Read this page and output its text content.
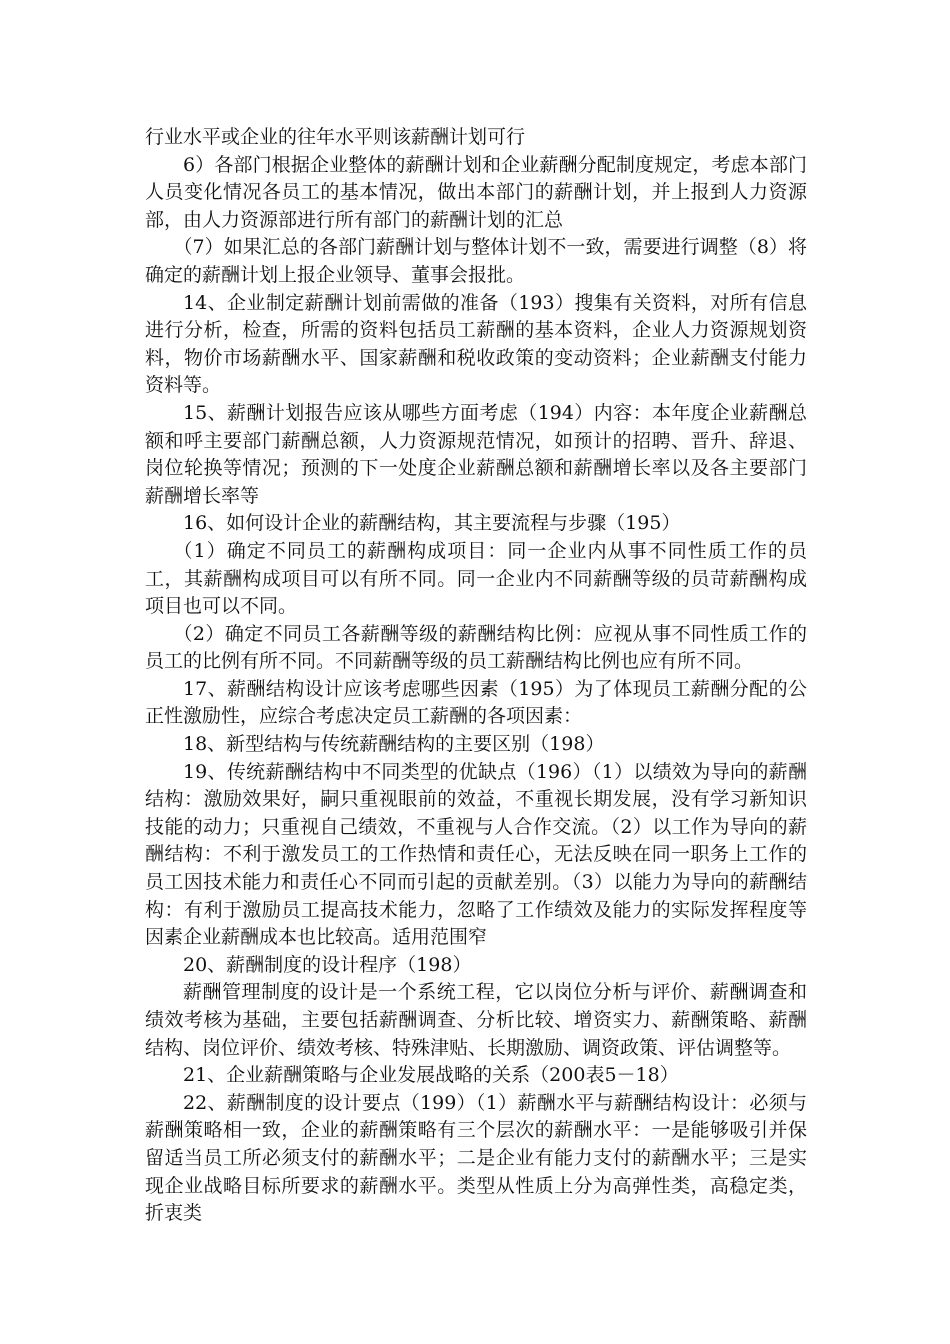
行业水平或企业的往年水平则该薪酬计划可行

6）各部门根据企业整体的薪酬计划和企业薪酬分配制度规定，考虑本部门人员变化情况各员工的基本情况，做出本部门的薪酬计划，并上报到人力资源部，由人力资源部进行所有部门的薪酬计划的汇总

（7）如果汇总的各部门薪酬计划与整体计划不一致，需要进行调整（8）将确定的薪酬计划上报企业领导、董事会报批。

14、企业制定薪酬计划前需做的准备（193）搜集有关资料，对所有信息进行分析，检查，所需的资料包括员工薪酬的基本资料，企业人力资源规划资料，物价市场薪酬水平、国家薪酬和税收政策的变动资料；企业薪酬支付能力资料等。

15、薪酬计划报告应该从哪些方面考虑（194）内容：本年度企业薪酬总额和呼主要部门薪酬总额，人力资源规范情况，如预计的招聘、晋升、辞退、岗位轮换等情况；预测的下一处度企业薪酬总额和薪酬增长率以及各主要部门薪酬增长率等

16、如何设计企业的薪酬结构，其主要流程与步骤（195）

（1）确定不同员工的薪酬构成项目：同一企业内从事不同性质工作的员工，其薪酬构成项目可以有所不同。同一企业内不同薪酬等级的员苛薪酬构成项目也可以不同。

（2）确定不同员工各薪酬等级的薪酬结构比例：应视从事不同性质工作的员工的比例有所不同。不同薪酬等级的员工薪酬结构比例也应有所不同。

17、薪酬结构设计应该考虑哪些因素（195）为了体现员工薪酬分配的公正性激励性，应综合考虑决定员工薪酬的各项因素：

18、新型结构与传统薪酬结构的主要区别（198）

19、传统薪酬结构中不同类型的优缺点（196）（1）以绩效为导向的薪酬结构：激励效果好，嗣只重视眼前的效益，不重视长期发展，没有学习新知识技能的动力；只重视自己绩效，不重视与人合作交流。（2）以工作为导向的薪酬结构：不利于激发员工的工作热情和责任心，无法反映在同一职务上工作的员工因技术能力和责任心不同而引起的贡献差别。（3）以能力为导向的薪酬结构：有利于激励员工提高技术能力，忽略了工作绩效及能力的实际发挥程度等因素企业薪酬成本也比较高。适用范围窄

20、薪酬制度的设计程序（198）

薪酬管理制度的设计是一个系统工程，它以岗位分析与评价、薪酬调查和绩效考核为基础，主要包括薪酬调查、分析比较、增资实力、薪酬策略、薪酬结构、岗位评价、绩效考核、特殊津贴、长期激励、调资政策、评估调整等。

21、企业薪酬策略与企业发展战略的关系（200表5－18）

22、薪酬制度的设计要点（199）（1）薪酬水平与薪酬结构设计：必须与薪酬策略相一致，企业的薪酬策略有三个层次的薪酬水平：一是能够吸引并保留适当员工所必须支付的薪酬水平；二是企业有能力支付的薪酬水平；三是实现企业战略目标所要求的薪酬水平。类型从性质上分为高弹性类，高稳定类，折衷类
